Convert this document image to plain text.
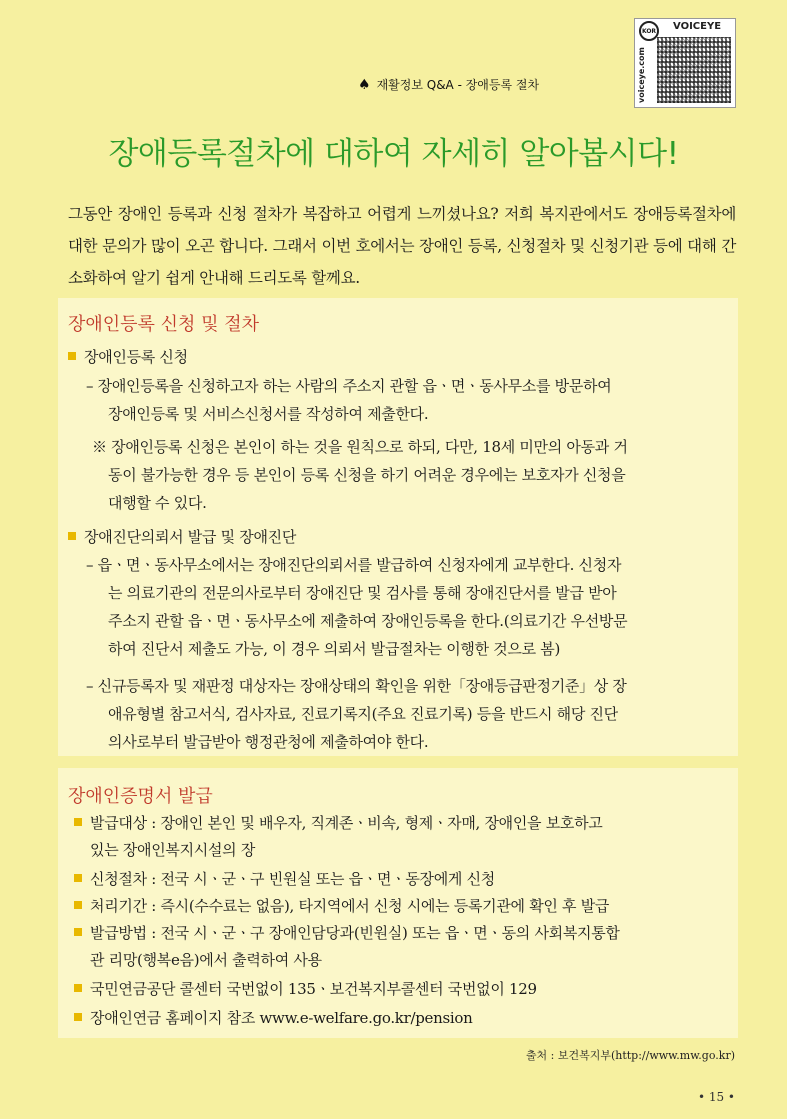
KOR VOICEYE
voiceye.com
♠ 재활정보 Q&A - 장애등록 절차
장애등록절차에 대하여 자세히 알아봅시다!
그동안 장애인 등록과 신청 절차가 복잡하고 어렵게 느끼셨나요? 저희 복지관에서도 장애등록절차에 대한 문의가 많이 오곤 합니다. 그래서 이번 호에서는 장애인 등록, 신청절차 및 신청기관 등에 대해 간소화하여 알기 쉽게 안내해 드리도록 할께요.
장애인등록 신청 및 절차
장애인등록 신청
– 장애인등록을 신청하고자 하는 사람의 주소지 관할 읍ㆍ면ㆍ동사무소를 방문하여
장애인등록 및 서비스신청서를 작성하여 제출한다.
※ 장애인등록 신청은 본인이 하는 것을 원칙으로 하되, 다만, 18세 미만의 아동과 거
동이 불가능한 경우 등 본인이 등록 신청을 하기 어려운 경우에는 보호자가 신청을
대행할 수 있다.
장애진단의뢰서 발급 및 장애진단
– 읍ㆍ면ㆍ동사무소에서는 장애진단의뢰서를 발급하여 신청자에게 교부한다. 신청자
는 의료기관의 전문의사로부터 장애진단 및 검사를 통해 장애진단서를 발급 받아
주소지 관할 읍ㆍ면ㆍ동사무소에 제출하여 장애인등록을 한다.(의료기간 우선방문
하여 진단서 제출도 가능, 이 경우 의뢰서 발급절차는 이행한 것으로 봄)
– 신규등록자 및 재판정 대상자는 장애상태의 확인을 위한「장애등급판정기준」상 장
애유형별 참고서식, 검사자료, 진료기록지(주요 진료기록) 등을 반드시 해당 진단
의사로부터 발급받아 행정관청에 제출하여야 한다.
장애인증명서 발급
발급대상 : 장애인 본인 및 배우자, 직계존ㆍ비속, 형제ㆍ자매, 장애인을 보호하고
있는 장애인복지시설의 장
신청절차 : 전국 시ㆍ군ㆍ구 빈원실 또는 읍ㆍ면ㆍ동장에게 신청
처리기간 : 즉시(수수료는 없음), 타지역에서 신청 시에는 등록기관에 확인 후 발급
발급방법 : 전국 시ㆍ군ㆍ구 장애인담당과(빈원실) 또는 읍ㆍ면ㆍ동의 사회복지통합
관 리망(행복e음)에서 출력하여 사용
국민연금공단 콜센터 국번없이 135ㆍ보건복지부콜센터 국번없이 129
장애인연금 홈페이지 참조 www.e-welfare.go.kr/pension
출처 : 보건복지부(http://www.mw.go.kr)
• 15 •
